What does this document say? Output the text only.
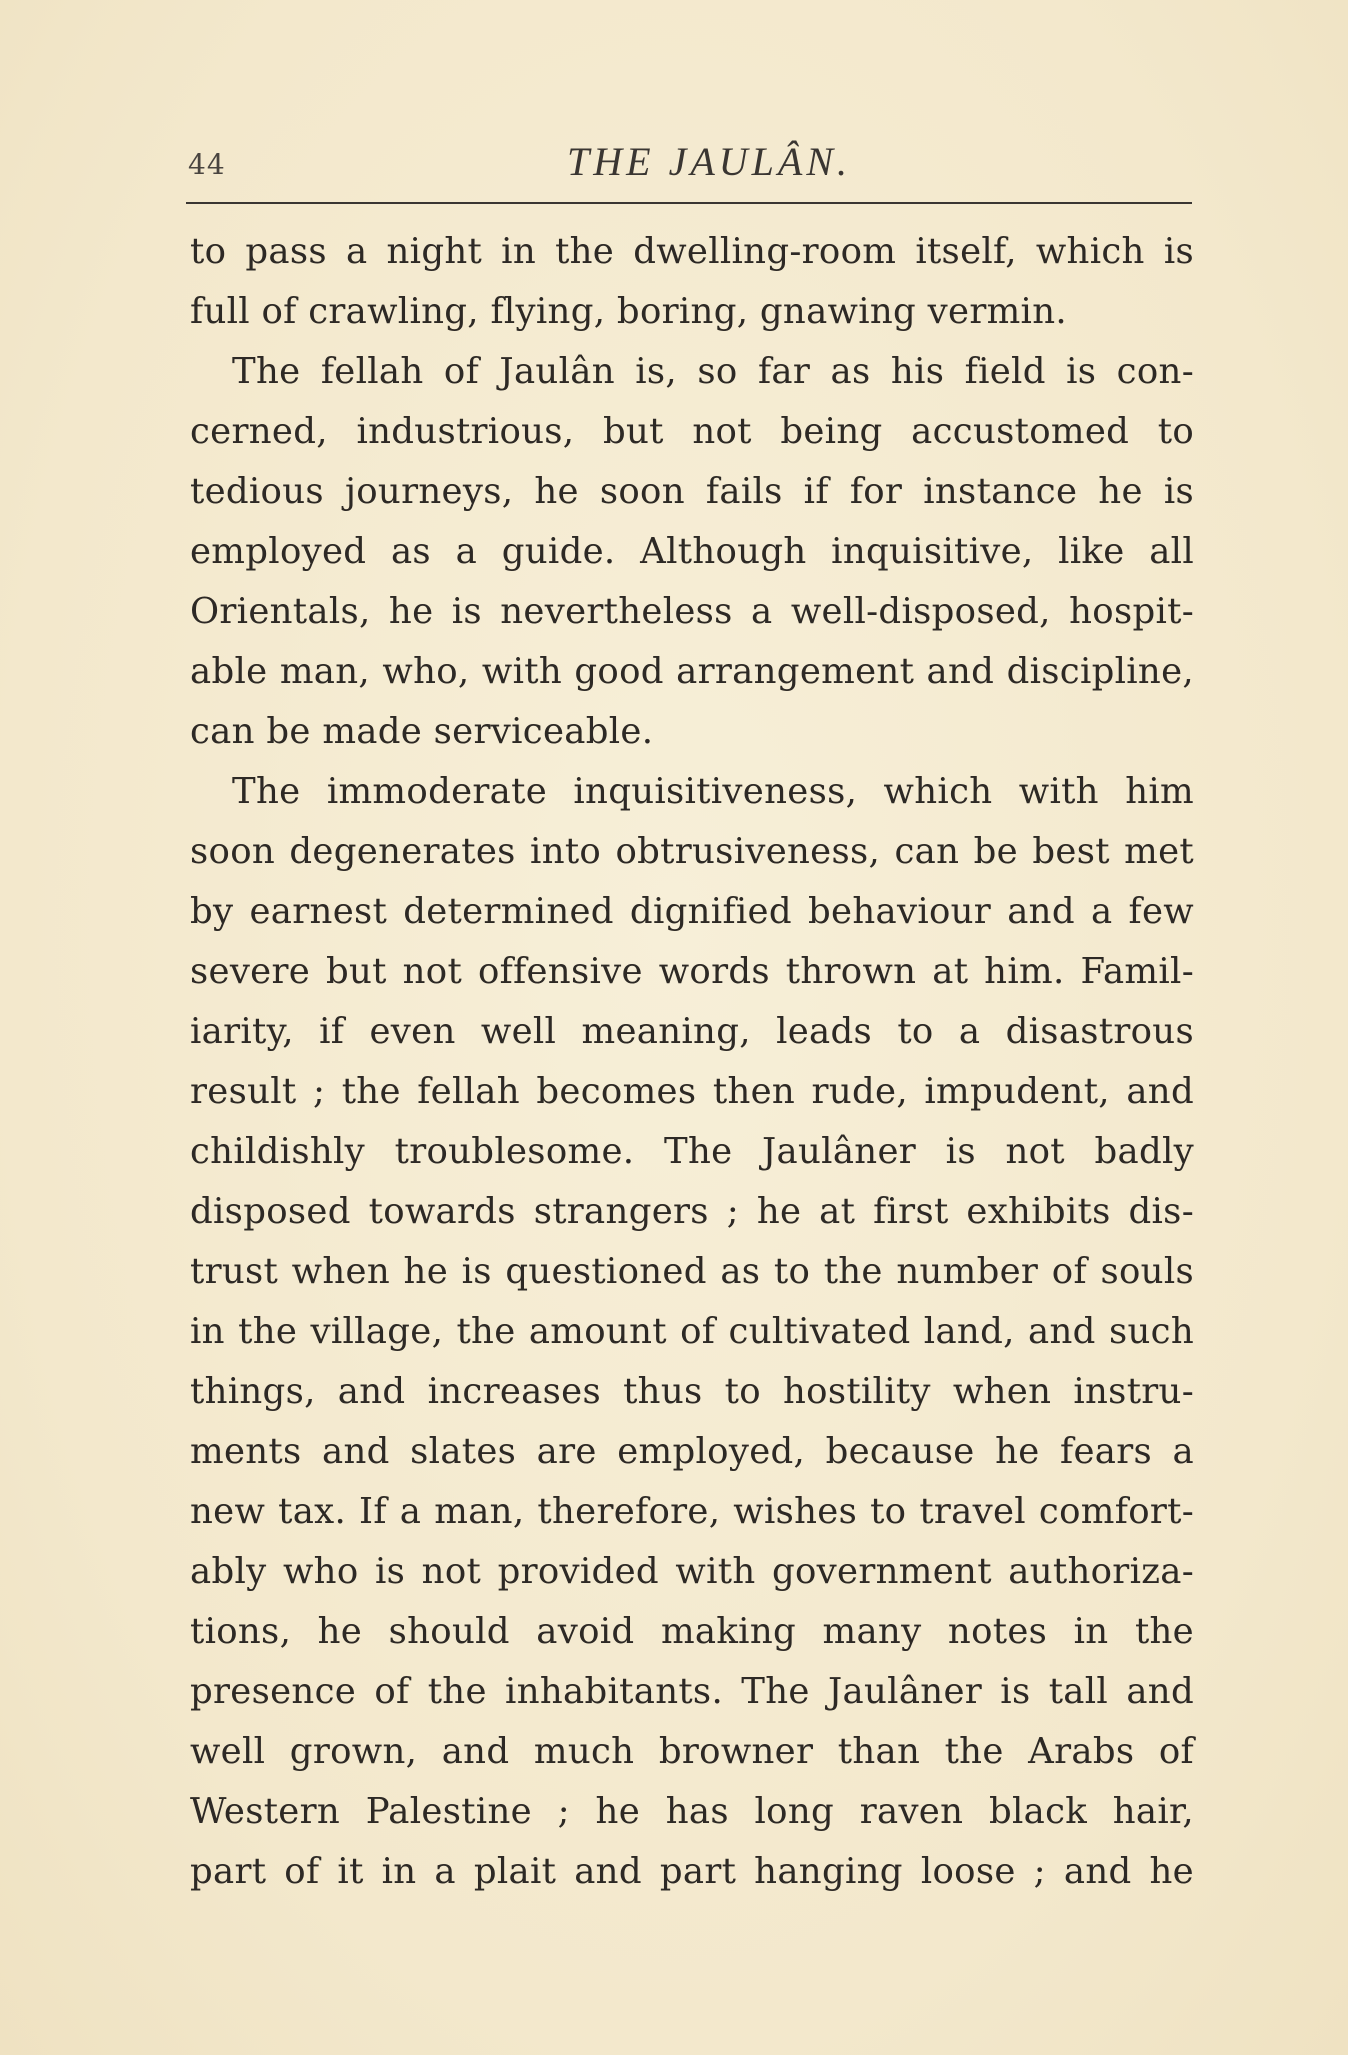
44	THE JAULÂN.
to pass a night in the dwelling-room itself, which is
full of crawling, flying, boring, gnawing vermin.
The fellah of Jaulân is, so far as his field is con-
cerned, industrious, but not being accustomed to
tedious journeys, he soon fails if for instance he is
employed as a guide. Although inquisitive, like all
Orientals, he is nevertheless a well-disposed, hospit-
able man, who, with good arrangement and discipline,
can be made serviceable.
The immoderate inquisitiveness, which with him
soon degenerates into obtrusiveness, can be best met
by earnest determined dignified behaviour and a few
severe but not offensive words thrown at him. Famil-
iarity, if even well meaning, leads to a disastrous
result ; the fellah becomes then rude, impudent, and
childishly troublesome. The Jaulâner is not badly
disposed towards strangers ; he at first exhibits dis-
trust when he is questioned as to the number of souls
in the village, the amount of cultivated land, and such
things, and increases thus to hostility when instru-
ments and slates are employed, because he fears a
new tax. If a man, therefore, wishes to travel comfort-
ably who is not provided with government authoriza-
tions, he should avoid making many notes in the
presence of the inhabitants. The Jaulâner is tall and
well grown, and much browner than the Arabs of
Western Palestine ; he has long raven black hair,
part of it in a plait and part hanging loose ; and he
